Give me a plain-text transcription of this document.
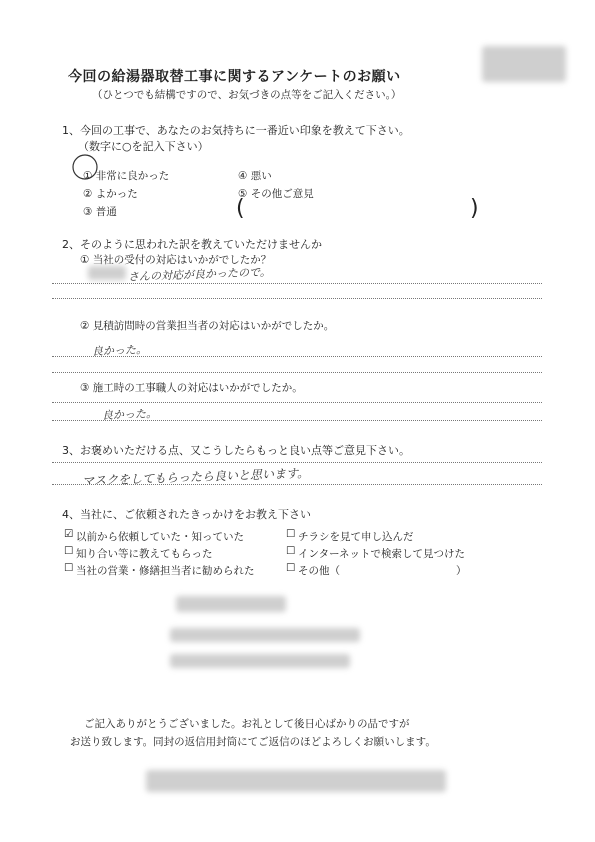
今回の給湯器取替工事に関するアンケートのお願い
（ひとつでも結構ですので、お気づきの点等をご記入ください。）
1、今回の工事で、あなたのお気持ちに一番近い印象を教えて下さい。
（数字に○を記入下さい）
① 非常に良かった
② よかった
③ 普通
④ 悪い
⑤ その他ご意見
(	)
2、そのように思われた訳を教えていただけませんか
① 当社の受付の対応はいかがでしたか？
さんの対応が良かったので。
② 見積訪問時の営業担当者の対応はいかがでしたか。
良かった。
③ 施工時の工事職人の対応はいかがでしたか。
良かった。
3、お褒めいただける点、又こうしたらもっと良い点等ご意見下さい。
マスクをしてもらったら良いと思います。
4、当社に、ご依頼されたきっかけをお教え下さい
☑ 以前から依頼していた・知っていた
☐ 知り合い等に教えてもらった
☐ 当社の営業・修繕担当者に勧められた
☐ チラシを見て申し込んだ
☐ インターネットで検索して見つけた
☐ その他（	）
ご記入ありがとうございました。お礼として後日心ばかりの品ですが
お送り致します。同封の返信用封筒にてご返信のほどよろしくお願いします。
